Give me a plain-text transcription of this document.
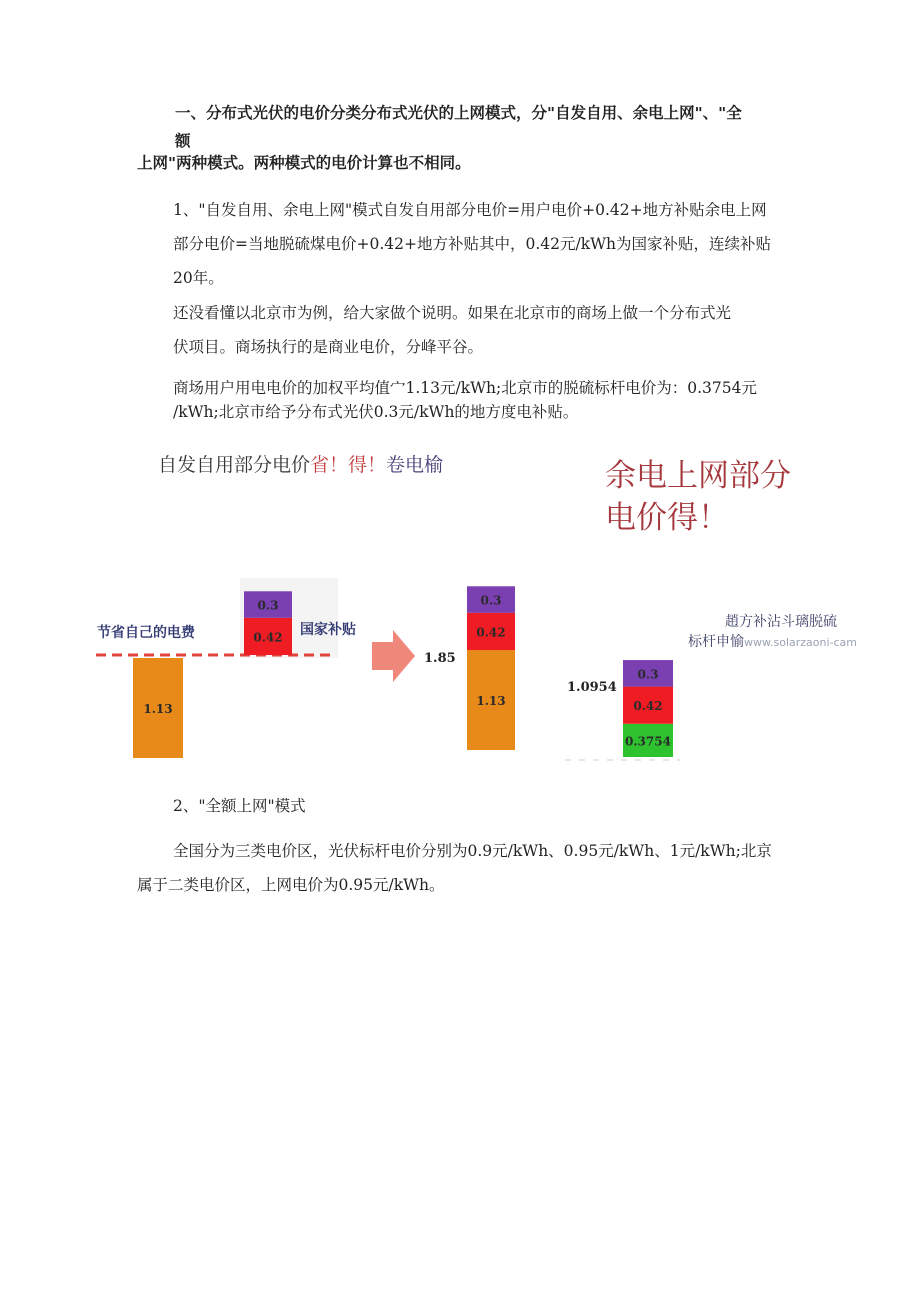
一、分布式光伏的电价分类分布式光伏的上网模式，分"自发自用、余电上网"、"全
额
上网"两种模式。两种模式的电价计算也不相同。
1、"自发自用、余电上网"模式自发自用部分电价=用户电价+0.42+地方补贴余电上网
部分电价=当地脱硫煤电价+0.42+地方补贴其中，0.42元/kWh为国家补贴，连续补贴
20年。
还没看懂以北京市为例，给大家做个说明。如果在北京市的商场上做一个分布式光
伏项目。商场执行的是商业电价，分峰平谷。
商场用户用电电价的加权平均值宀1.13元/kWh;北京市的脱硫标杆电价为：0.3754元
/kWh;北京市给予分布式光伏0.3元/kWh的地方度电补贴。
自发自用部分电价省！得！卷电榆	余电上网部分
电价得！
趙方补沾斗璃脱硫
标杆申愉www.solarzaoni-cam
节省自己的电费	国家补贴
1.85
1.0954
1.13
0.42
0.3
1.13
0.42
0.3
0.3754
0.42
0.3
2、"全额上网"模式
全国分为三类电价区，光伏标杆电价分别为0.9元/kWh、0.95元/kWh、1元/kWh;北京
属于二类电价区，上网电价为0.95元/kWh。
